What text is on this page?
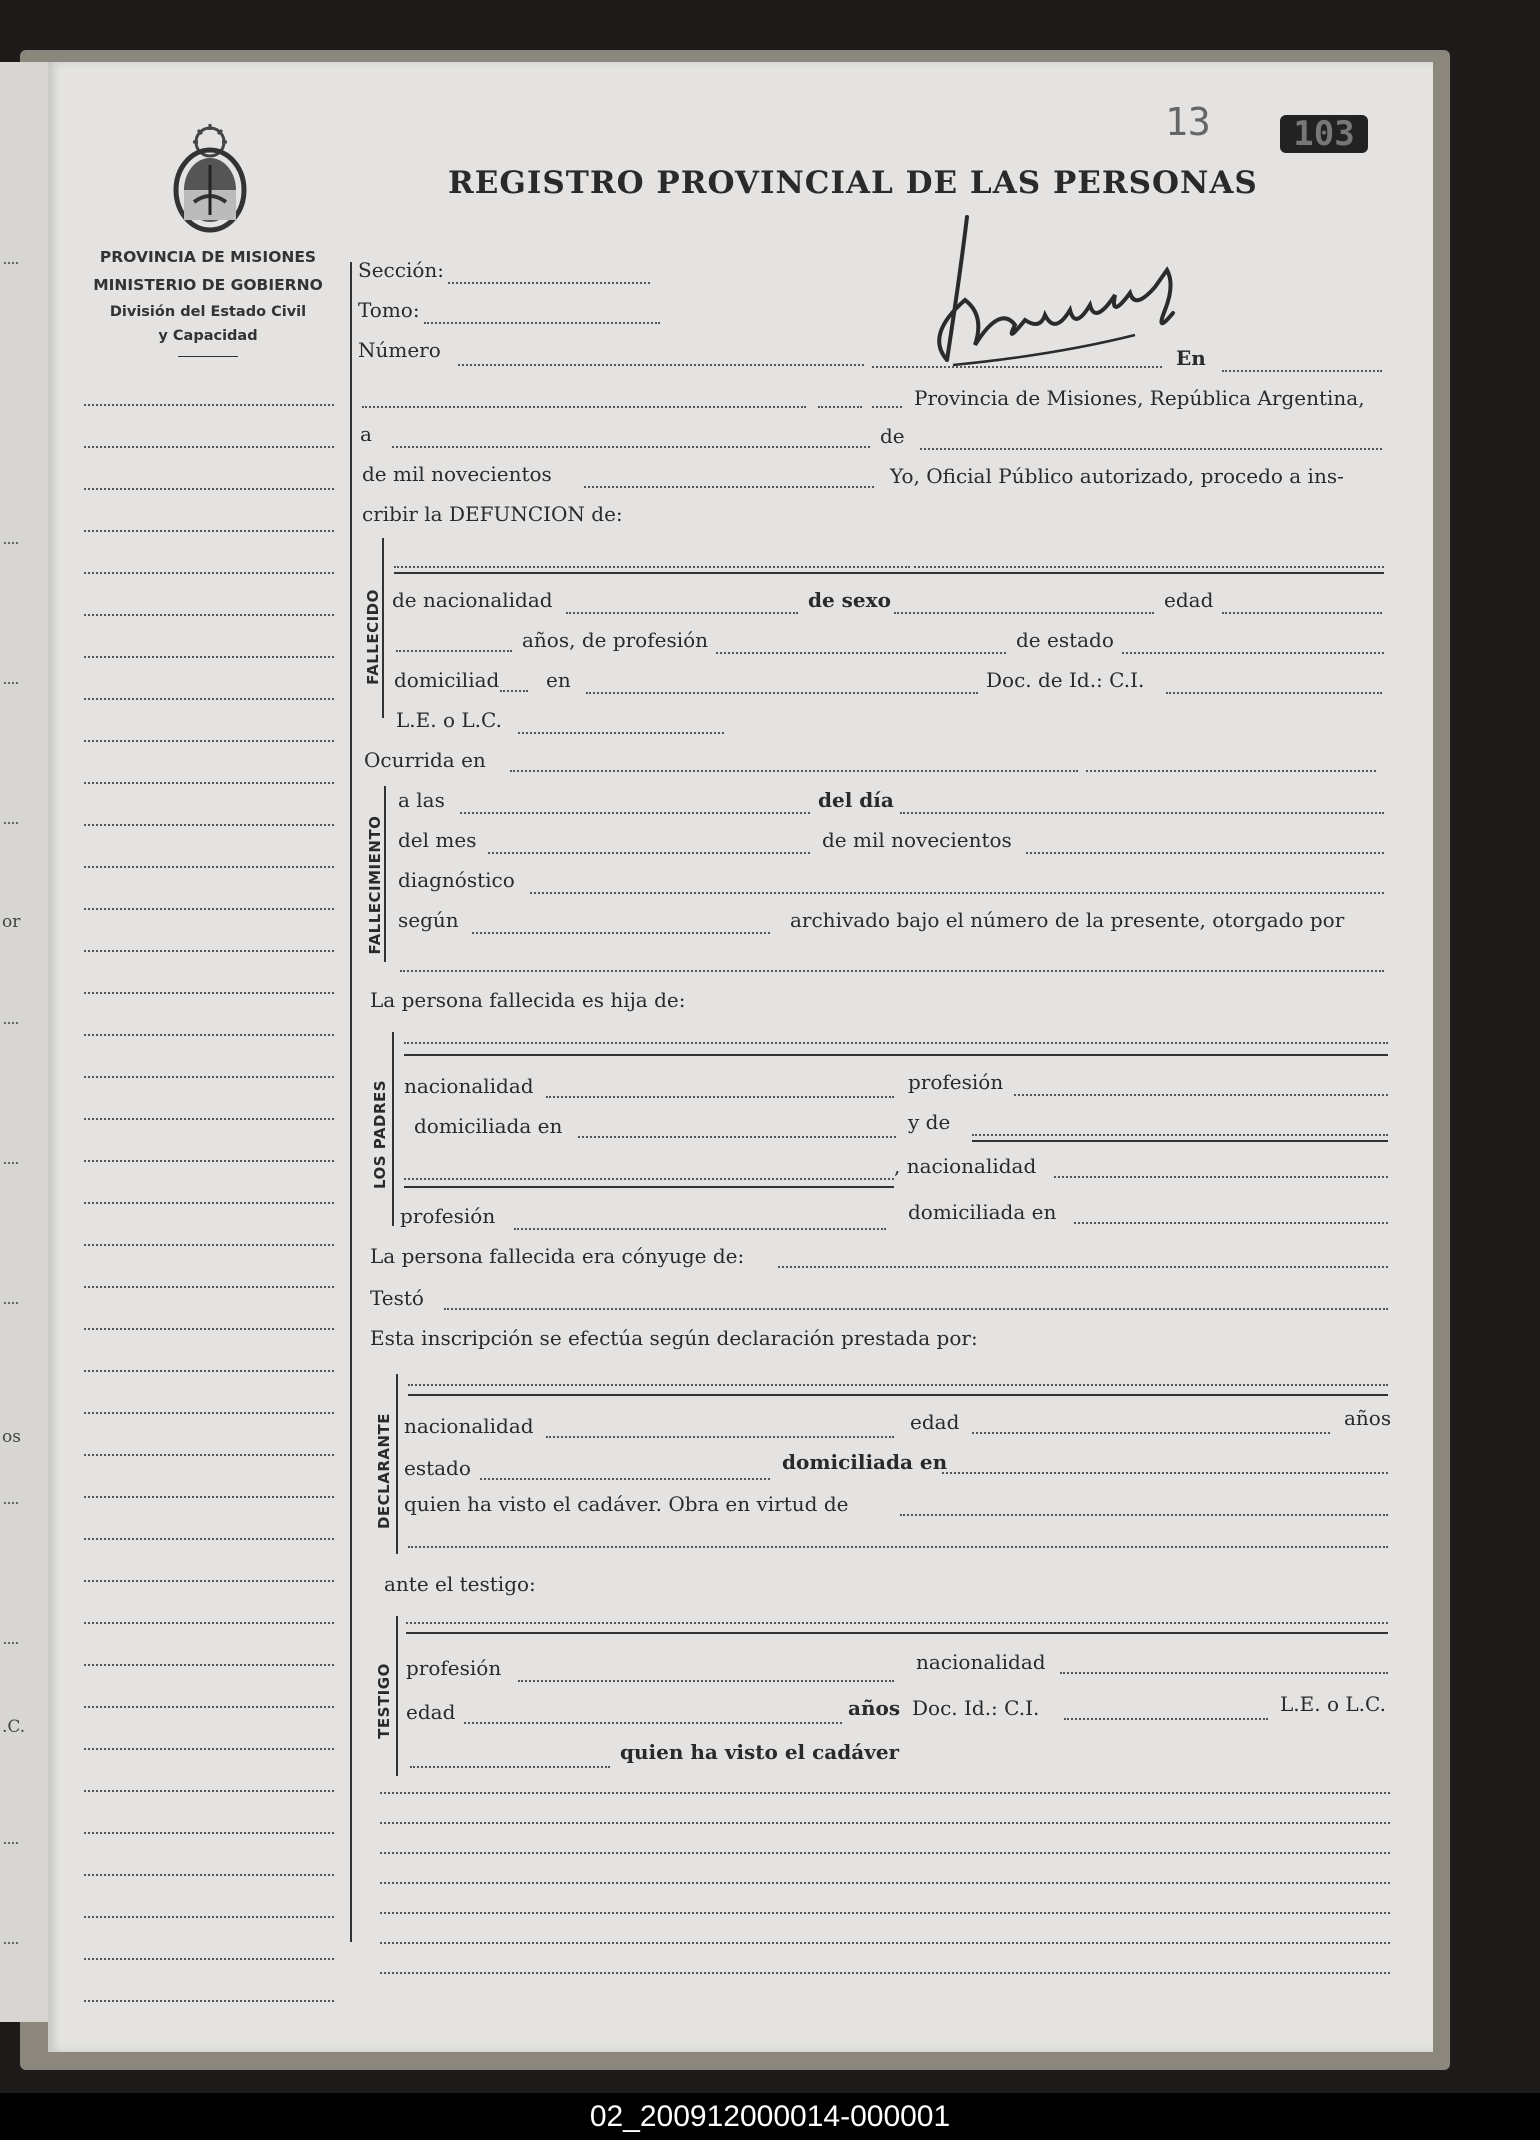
or
os
.C.
PROVINCIA DE MISIONES
MINISTERIO DE GOBIERNO
División del Estado Civil
y Capacidad
13	103
REGISTRO PROVINCIAL DE LAS PERSONAS
Sección:
Tomo:
Número	En
Provincia de Misiones, República Argentina,
a	de
de mil novecientos	Yo, Oficial Público autorizado, procedo a ins-
cribir la DEFUNCION de:
FALLECIDO de nacionalidad	de sexo	edad
años, de profesión	de estado
domiciliad en	Doc. de Id.: C.I.
L.E. o L.C.
Ocurrida en
FALLECIMIENTO
a las	del día
del mes	de mil novecientos
diagnóstico
según	archivado bajo el número de la presente, otorgado por
La persona fallecida es hija de:
LOS PADRES nacionalidad	profesión
domiciliada en	y de
, nacionalidad
profesión	domiciliada en
La persona fallecida era cónyuge de:
Testó
Esta inscripción se efectúa según declaración prestada por:
DECLARANTE nacionalidad	edad	años
estado	domiciliada en
quien ha visto el cadáver. Obra en virtud de
ante el testigo:
TESTIGO profesión	nacionalidad
edad	años Doc. Id.: C.I.	L.E. o L.C.
quien ha visto el cadáver
02_200912000014-000001
